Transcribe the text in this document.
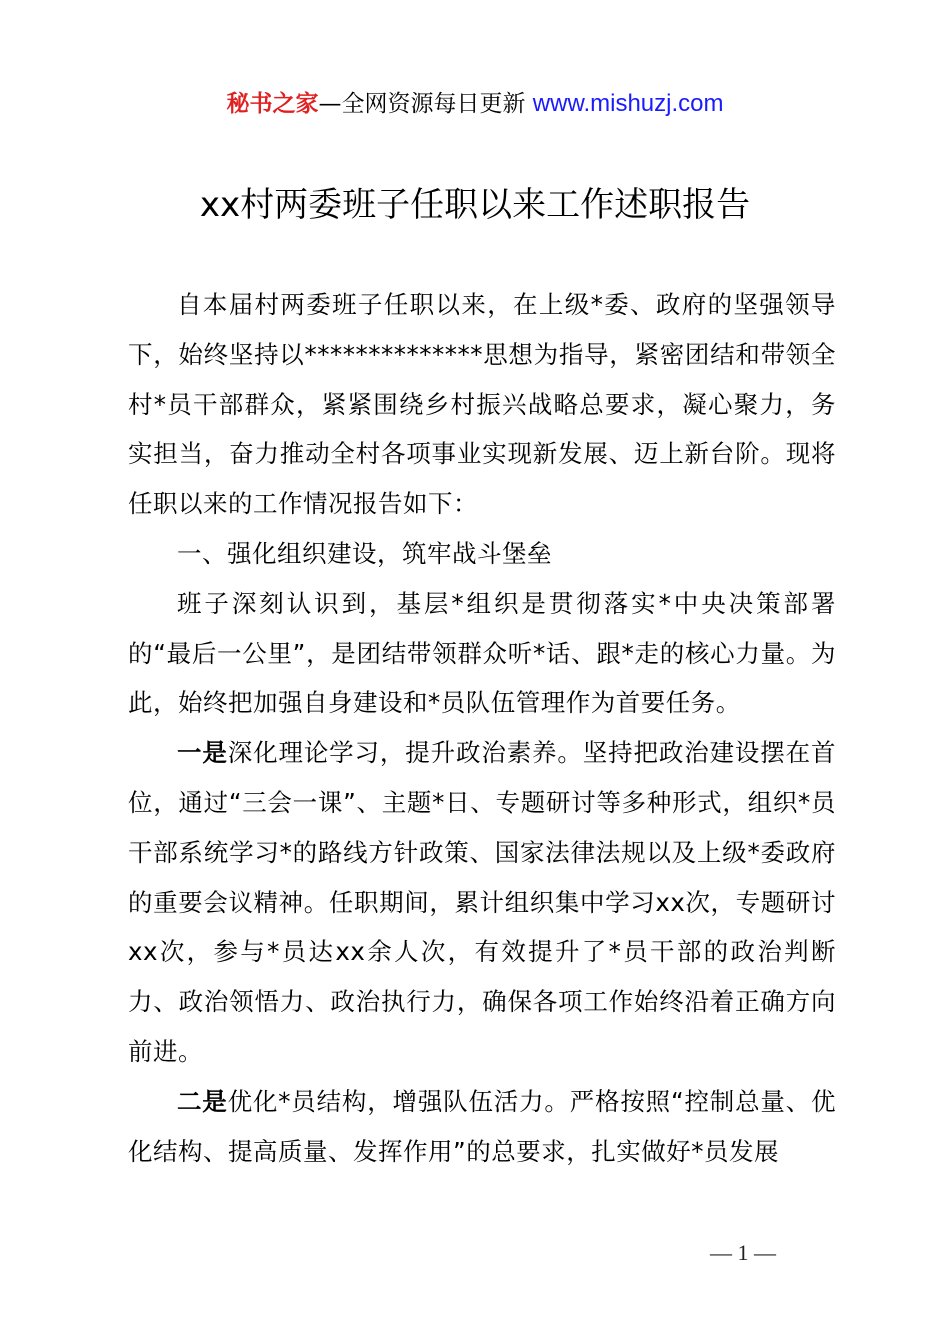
秘书之家—全网资源每日更新 www.mishuzj.com
xx村两委班子任职以来工作述职报告

自本届村两委班子任职以来，在上级*委、政府的坚强领导下，始终坚持以**************思想为指导，紧密团结和带领全村*员干部群众，紧紧围绕乡村振兴战略总要求，凝心聚力，务实担当，奋力推动全村各项事业实现新发展、迈上新台阶。现将任职以来的工作情况报告如下：

一、强化组织建设，筑牢战斗堡垒

班子深刻认识到，基层*组织是贯彻落实*中央决策部署的“最后一公里”，是团结带领群众听*话、跟*走的核心力量。为此，始终把加强自身建设和*员队伍管理作为首要任务。

一是深化理论学习，提升政治素养。坚持把政治建设摆在首位，通过“三会一课”、主题*日、专题研讨等多种形式，组织*员干部系统学习*的路线方针政策、国家法律法规以及上级*委政府的重要会议精神。任职期间，累计组织集中学习xx次，专题研讨xx次，参与*员达xx余人次，有效提升了*员干部的政治判断力、政治领悟力、政治执行力，确保各项工作始终沿着正确方向前进。

二是优化*员结构，增强队伍活力。严格按照“控制总量、优化结构、提高质量、发挥作用”的总要求，扎实做好*员发展

— 1 —
